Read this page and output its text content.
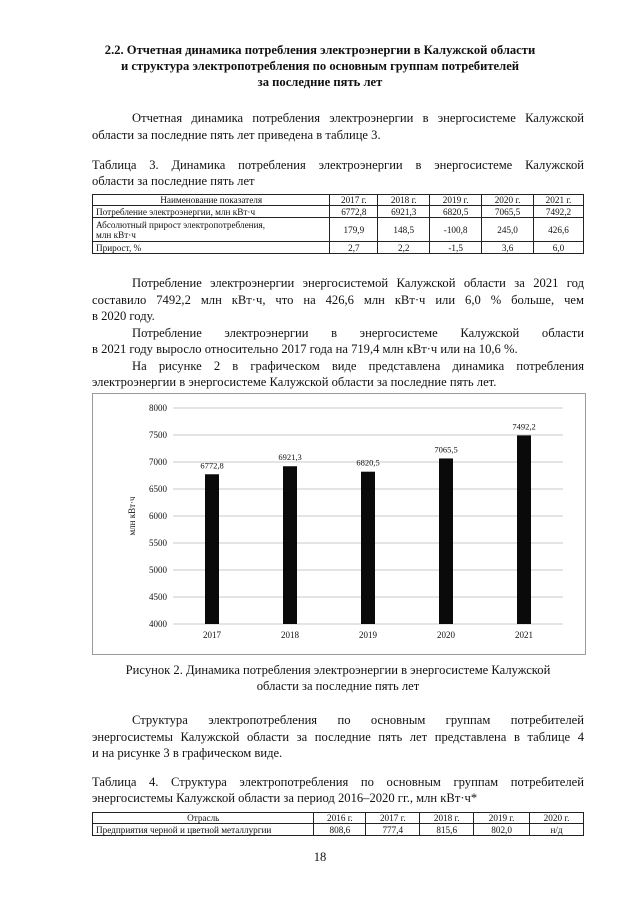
2.2. Отчетная динамика потребления электроэнергии в Калужской области
и структура электропотребления по основным группам потребителей
за последние пять лет
Отчетная динамика потребления электроэнергии в энергосистеме Калужской
области за последние пять лет приведена в таблице 3.
Таблица 3. Динамика потребления электроэнергии в энергосистеме Калужской
области за последние пять лет
Наименование показателя	2017 г.	2018 г.	2019 г.	2020 г.	2021 г.
Потребление электроэнергии, млн кВт·ч	6772,8	6921,3	6820,5	7065,5	7492,2

Абсолютный прирост электропотребления,
млн кВт·ч	179,9	148,5	-100,8	245,0	426,6
Прирост, %	2,7	2,2	-1,5	3,6	6,0
Потребление электроэнергии энергосистемой Калужской области за 2021 год
составило 7492,2 млн кВт·ч, что на 426,6 млн кВт·ч или 6,0 % больше, чем
в 2020 году.
Потребление электроэнергии в энергосистеме Калужской области
в 2021 году выросло относительно 2017 года на 719,4 млн кВт·ч или на 10,6 %.
На рисунке 2 в графическом виде представлена динамика потребления
электроэнергии в энергосистеме Калужской области за последние пять лет.
4000
4500
5000
5500
6000
6500
7000
7500
8000
млн кВт·ч
6772,8
2017
6921,3
2018
6820,5
2019
7065,5
2020
7492,2
2021
Рисунок 2. Динамика потребления электроэнергии в энергосистеме Калужской
области за последние пять лет
Структура электропотребления по основным группам потребителей
энергосистемы Калужской области за последние пять лет представлена в таблице 4
и на рисунке 3 в графическом виде.
Таблица 4. Структура электропотребления по основным группам потребителей
энергосистемы Калужской области за период 2016–2020 гг., млн кВт·ч*
Отрасль	2016 г.	2017 г.	2018 г.	2019 г.	2020 г.
Предприятия черной и цветной металлургии	808,6	777,4	815,6	802,0	н/д
18
